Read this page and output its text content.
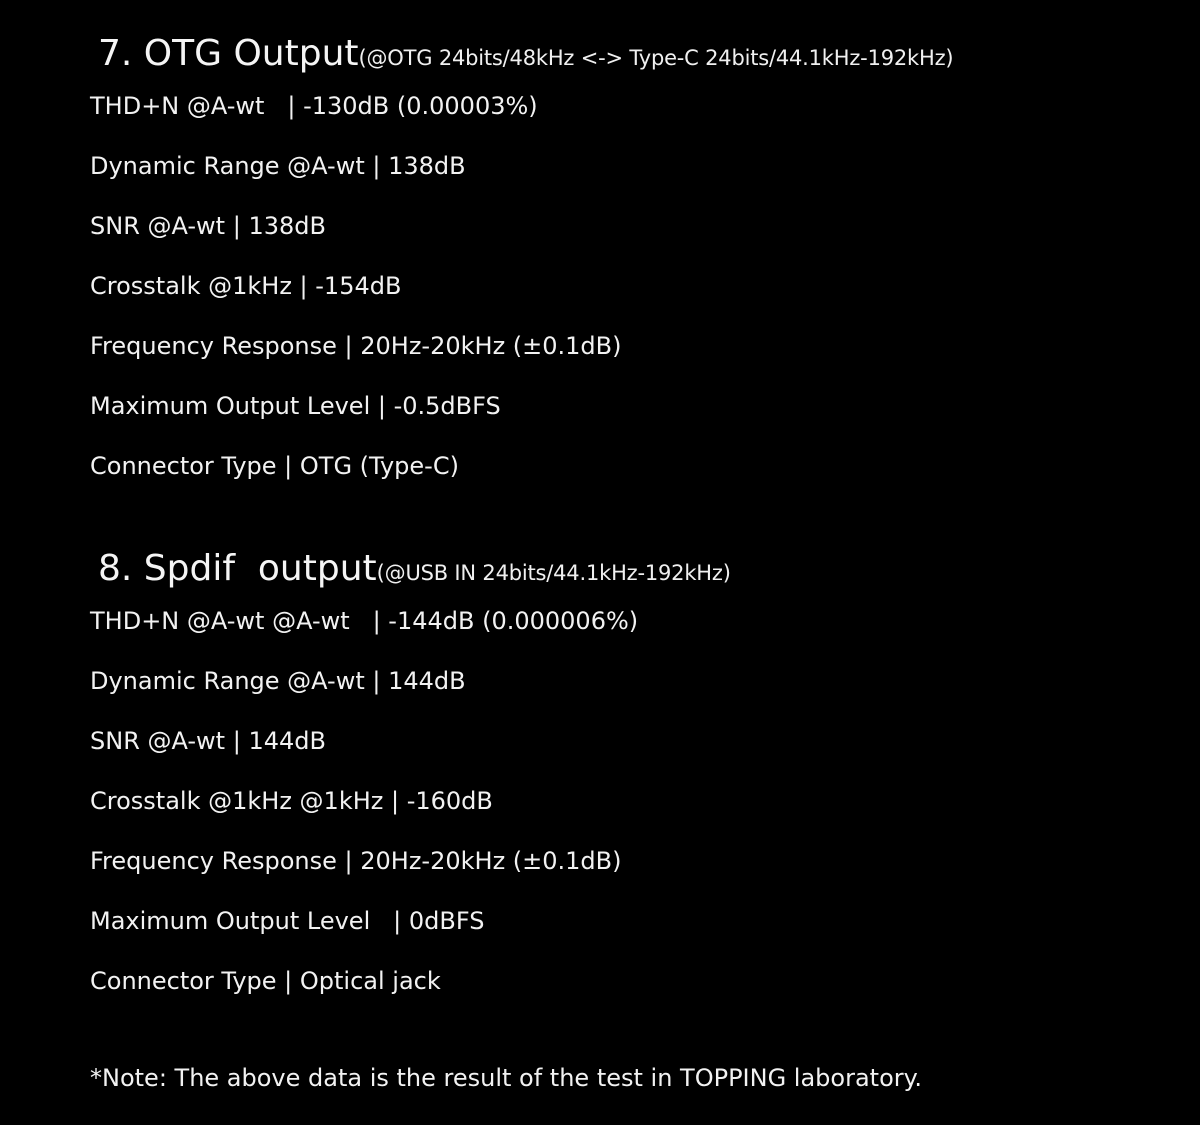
7. OTG Output(@OTG 24bits/48kHz <-> Type-C 24bits/44.1kHz-192kHz)
THD+N @A-wt   | -130dB (0.00003%)
Dynamic Range @A-wt | 138dB
SNR @A-wt | 138dB
Crosstalk @1kHz | -154dB
Frequency Response | 20Hz-20kHz (±0.1dB)
Maximum Output Level | -0.5dBFS
Connector Type | OTG (Type-C)
8. Spdif  output(@USB IN 24bits/44.1kHz-192kHz)
THD+N @A-wt @A-wt   | -144dB (0.000006%)
Dynamic Range @A-wt | 144dB
SNR @A-wt | 144dB
Crosstalk @1kHz @1kHz | -160dB
Frequency Response | 20Hz-20kHz (±0.1dB)
Maximum Output Level   | 0dBFS
Connector Type | Optical jack

*Note: The above data is the result of the test in TOPPING laboratory.
